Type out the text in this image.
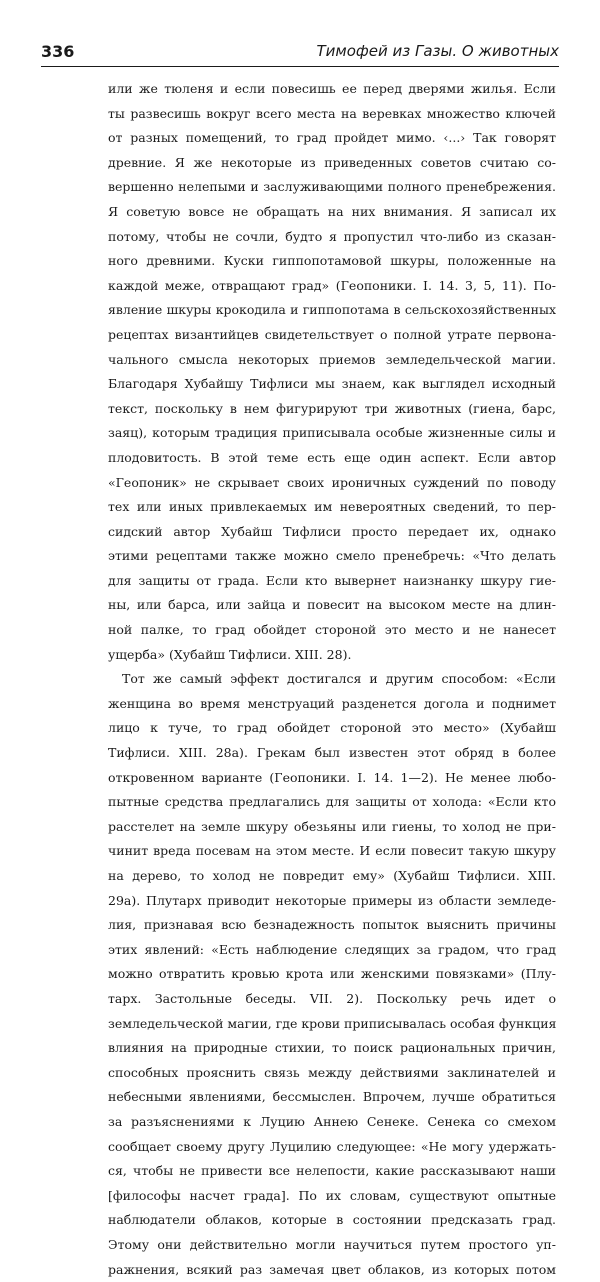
336	Тимофей из Газы. О животных
или же тюленя и если повесишь ее перед дверями жилья. Если
ты развесишь вокруг всего места на веревках множество ключей
от разных помещений, то град пройдет мимо. ‹...› Так говорят
древние. Я же некоторые из приведенных советов считаю со-
вершенно нелепыми и заслуживающими полного пренебрежения.
Я советую вовсе не обращать на них внимания. Я записал их
потому, чтобы не сочли, будто я пропустил что-либо из сказан-
ного древними. Куски гиппопотамовой шкуры, положенные на
каждой меже, отвращают град» (Геопоники. I. 14. 3, 5, 11). По-
явление шкуры крокодила и гиппопотама в сельскохозяйственных
рецептах византийцев свидетельствует о полной утрате первона-
чального смысла некоторых приемов земледельческой магии.
Благодаря Хубайшу Тифлиси мы знаем, как выглядел исходный
текст, поскольку в нем фигурируют три животных (гиена, барс,
заяц), которым традиция приписывала особые жизненные силы и
плодовитость. В этой теме есть еще один аспект. Если автор
«Геопоник» не скрывает своих ироничных суждений по поводу
тех или иных привлекаемых им невероятных сведений, то пер-
сидский автор Хубайш Тифлиси просто передает их, однако
этими рецептами также можно смело пренебречь: «Что делать
для защиты от града. Если кто вывернет наизнанку шкуру гие-
ны, или барса, или зайца и повесит на высоком месте на длин-
ной палке, то град обойдет стороной это место и не нанесет
ущерба» (Хубайш Тифлиси. XIII. 28).
Тот же самый эффект достигался и другим способом: «Если
женщина во время менструаций разденется догола и поднимет
лицо к туче, то град обойдет стороной это место» (Хубайш
Тифлиси. XIII. 28а). Грекам был известен этот обряд в более
откровенном варианте (Геопоники. I. 14. 1—2). Не менее любо-
пытные средства предлагались для защиты от холода: «Если кто
расстелет на земле шкуру обезьяны или гиены, то холод не при-
чинит вреда посевам на этом месте. И если повесит такую шкуру
на дерево, то холод не повредит ему» (Хубайш Тифлиси. XIII.
29а). Плутарх приводит некоторые примеры из области земледе-
лия, признавая всю безнадежность попыток выяснить причины
этих явлений: «Есть наблюдение следящих за градом, что град
можно отвратить кровью крота или женскими повязками» (Плу-
тарх. Застольные беседы. VII. 2). Поскольку речь идет о
земледельческой магии, где крови приписывалась особая функция
влияния на природные стихии, то поиск рациональных причин,
способных прояснить связь между действиями заклинателей и
небесными явлениями, бессмыслен. Впрочем, лучше обратиться
за разъяснениями к Луцию Аннею Сенеке. Сенека со смехом
сообщает своему другу Луцилию следующее: «Не могу удержать-
ся, чтобы не привести все нелепости, какие рассказывают наши
[философы насчет града]. По их словам, существуют опытные
наблюдатели облаков, которые в состоянии предсказать град.
Этому они действительно могли научиться путем простого уп-
ражнения, всякий раз замечая цвет облаков, из которых потом
